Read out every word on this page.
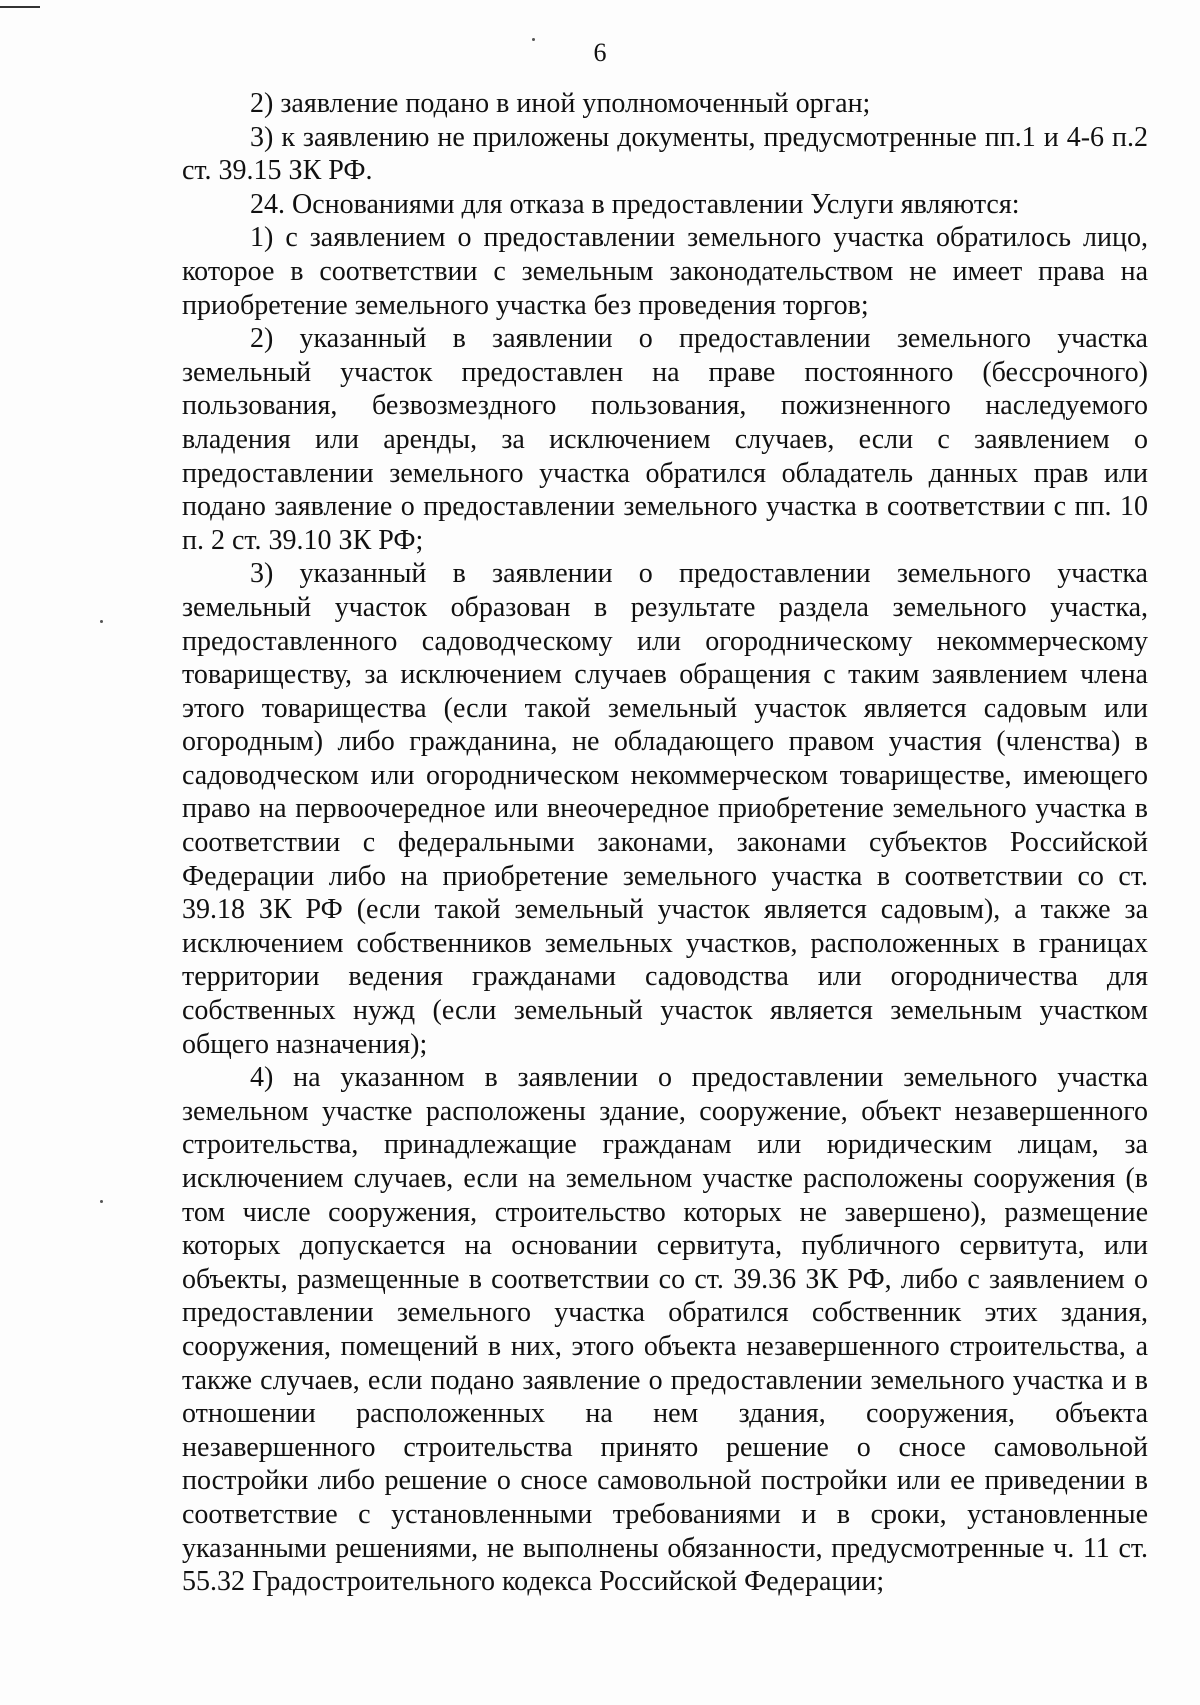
6

2) заявление подано в иной уполномоченный орган;

3) к заявлению не приложены документы, предусмотренные пп.1 и 4-6 п.2 ст. 39.15 ЗК РФ.

24. Основаниями для отказа в предоставлении Услуги являются:

1) с заявлением о предоставлении земельного участка обратилось лицо, которое в соответствии с земельным законодательством не имеет права на приобретение земельного участка без проведения торгов;

2) указанный в заявлении о предоставлении земельного участка земельный участок предоставлен на праве постоянного (бессрочного) пользования, безвозмездного пользования, пожизненного наследуемого владения или аренды, за исключением случаев, если с заявлением о предоставлении земельного участка обратился обладатель данных прав или подано заявление о предоставлении земельного участка в соответствии с пп. 10 п. 2 ст. 39.10 ЗК РФ;

3) указанный в заявлении о предоставлении земельного участка земельный участок образован в результате раздела земельного участка, предоставленного садоводческому или огородническому некоммерческому товариществу, за исключением случаев обращения с таким заявлением члена этого товарищества (если такой земельный участок является садовым или огородным) либо гражданина, не обладающего правом участия (членства) в садоводческом или огородническом некоммерческом товариществе, имеющего право на первоочередное или внеочередное приобретение земельного участка в соответствии с федеральными законами, законами субъектов Российской Федерации либо на приобретение земельного участка в соответствии со ст. 39.18 ЗК РФ (если такой земельный участок является садовым), а также за исключением собственников земельных участков, расположенных в границах территории ведения гражданами садоводства или огородничества для собственных нужд (если земельный участок является земельным участком общего назначения);

4) на указанном в заявлении о предоставлении земельного участка земельном участке расположены здание, сооружение, объект незавершенного строительства, принадлежащие гражданам или юридическим лицам, за исключением случаев, если на земельном участке расположены сооружения (в том числе сооружения, строительство которых не завершено), размещение которых допускается на основании сервитута, публичного сервитута, или объекты, размещенные в соответствии со ст. 39.36 ЗК РФ, либо с заявлением о предоставлении земельного участка обратился собственник этих здания, сооружения, помещений в них, этого объекта незавершенного строительства, а также случаев, если подано заявление о предоставлении земельного участка и в отношении расположенных на нем здания, сооружения, объекта незавершенного строительства принято решение о сносе самовольной постройки либо решение о сносе самовольной постройки или ее приведении в соответствие с установленными требованиями и в сроки, установленные указанными решениями, не выполнены обязанности, предусмотренные ч. 11 ст. 55.32 Градостроительного кодекса Российской Федерации;
